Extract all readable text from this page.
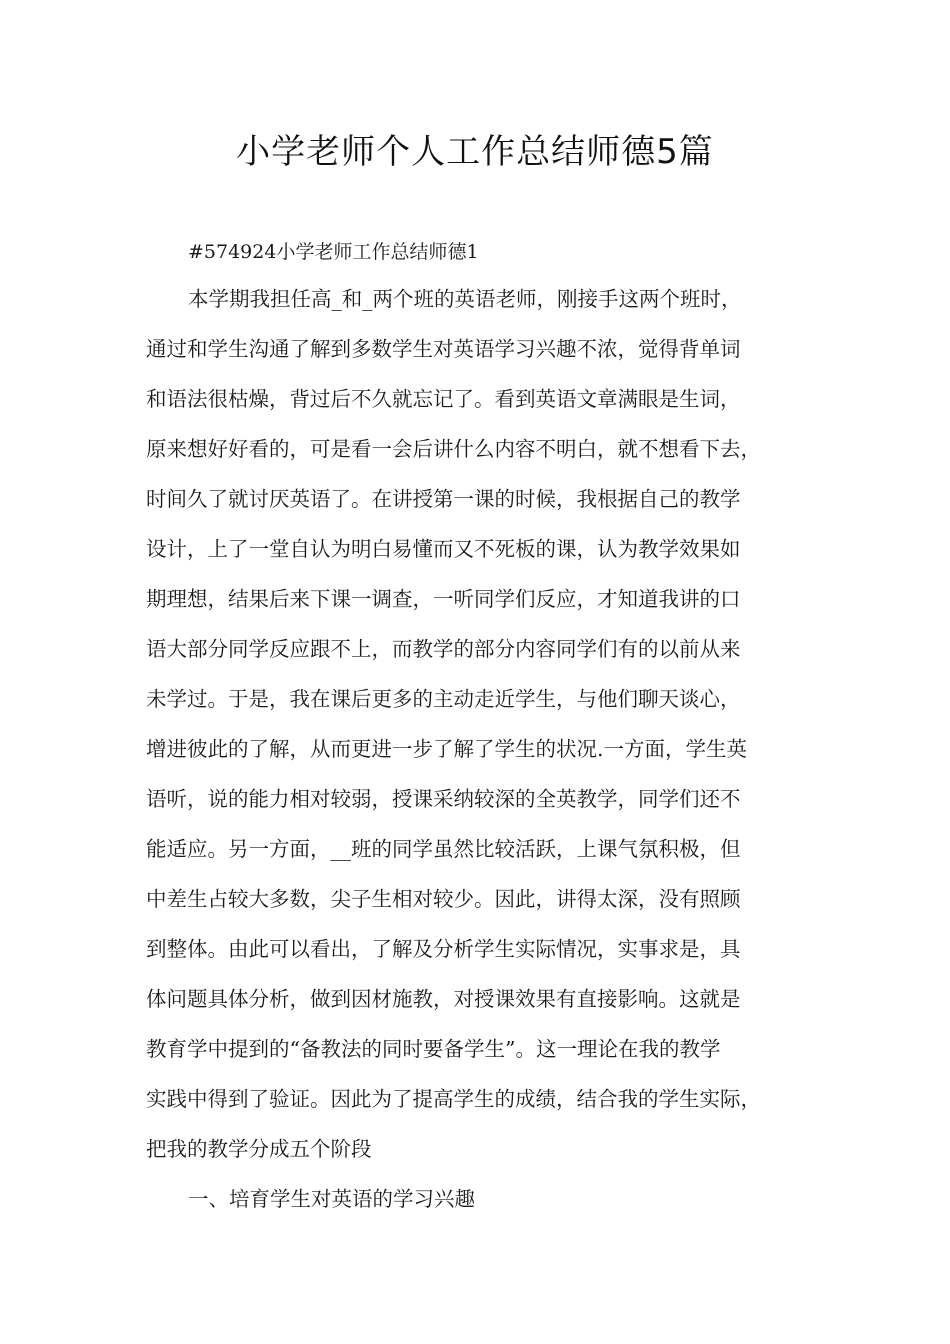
小学老师个人工作总结师德5篇
#574924小学老师工作总结师德1
本学期我担任高_和_两个班的英语老师，刚接手这两个班时，
通过和学生沟通了解到多数学生对英语学习兴趣不浓，觉得背单词
和语法很枯燥，背过后不久就忘记了。看到英语文章满眼是生词，
原来想好好看的，可是看一会后讲什么内容不明白，就不想看下去，
时间久了就讨厌英语了。在讲授第一课的时候，我根据自己的教学
设计，上了一堂自认为明白易懂而又不死板的课，认为教学效果如
期理想，结果后来下课一调查，一听同学们反应，才知道我讲的口
语大部分同学反应跟不上，而教学的部分内容同学们有的以前从来
未学过。于是，我在课后更多的主动走近学生，与他们聊天谈心，
增进彼此的了解，从而更进一步了解了学生的状况.一方面，学生英
语听，说的能力相对较弱，授课采纳较深的全英教学，同学们还不
能适应。另一方面，__班的同学虽然比较活跃，上课气氛积极，但
中差生占较大多数，尖子生相对较少。因此，讲得太深，没有照顾
到整体。由此可以看出，了解及分析学生实际情况，实事求是，具
体问题具体分析，做到因材施教，对授课效果有直接影响。这就是
教育学中提到的“备教法的同时要备学生”。这一理论在我的教学
实践中得到了验证。因此为了提高学生的成绩，结合我的学生实际，
把我的教学分成五个阶段
一、培育学生对英语的学习兴趣
